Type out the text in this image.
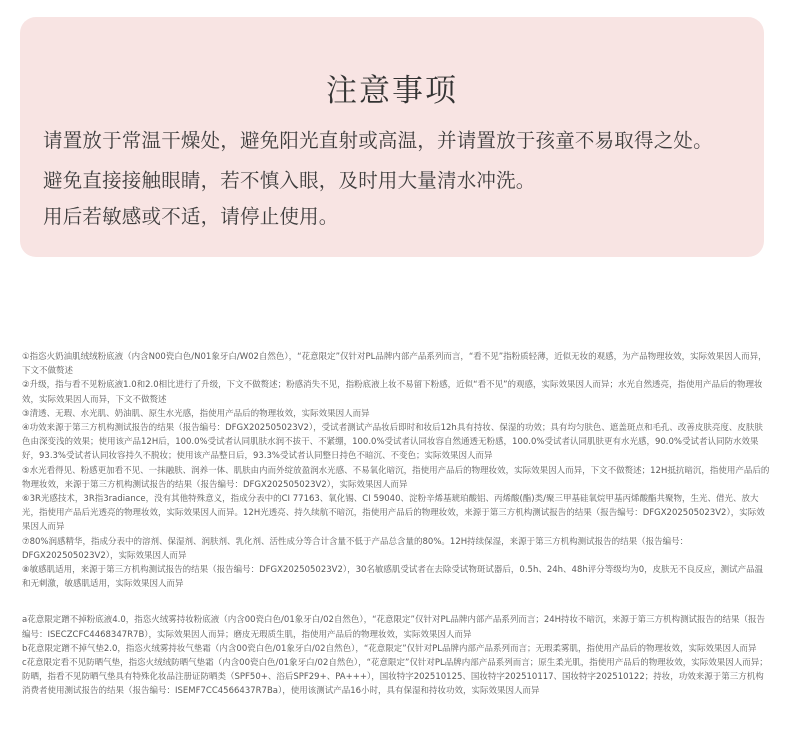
注意事项
请置放于常温干燥处，避免阳光直射或高温，并请置放于孩童不易取得之处。
避免直接接触眼睛，若不慎入眼，及时用大量清水冲洗。
用后若敏感或不适，请停止使用。

①指恣火奶油肌绒绒粉底液（内含N00瓷白色/N01象牙白/W02自然色），“花意限定”仅针对PL品牌内部产品系列而言，“看不见”指粉质轻薄，近似无妆的观感，为产品物理妆效，实际效果因人而异，下文不做赘述

②升级，指与看不见粉底液1.0和2.0相比进行了升级，下文不做赘述；粉感消失不见，指粉底液上妆不易留下粉感，近似“看不见”的观感，实际效果因人而异；水光自然透亮，指使用产品后的物理妆效，实际效果因人而异，下文不做赘述

③清透、无瑕、水光肌、奶油肌、原生水光感，指使用产品后的物理妆效，实际效果因人而异

④功效来源于第三方机构测试报告的结果（报告编号：DFGX202505023V2），受试者测试产品妆后即时和妆后12h具有持妆、保湿的功效；具有均匀肤色、遮盖斑点和毛孔、改善皮肤亮度、皮肤肤色由深变浅的效果；使用该产品12H后，100.0%受试者认同肌肤水润不拔干、不紧绷，100.0%受试者认同妆容自然通透无粉感，100.0%受试者认同肌肤更有水光感，90.0%受试者认同防水效果好，93.3%受试者认同妆容持久不脱妆；使用该产品整日后，93.3%受试者认同整日持色不暗沉、不变色；实际效果因人而异

⑤水光看得见、粉感更加看不见、一抹融肤、润养一体、肌肤由内而外绽放盈润水光感、不易氧化暗沉，指使用产品后的物理妆效，实际效果因人而异，下文不做赘述；12H抵抗暗沉，指使用产品后的物理妆效，来源于第三方机构测试报告的结果（报告编号：DFGX202505023V2），实际效果因人而异

⑥3R光感技术，3R指3radiance，没有其他特殊意义，指成分表中的CI 77163、氧化锡、CI 59040、淀粉辛烯基琥珀酸铝、丙烯酸(酯)类/聚三甲基硅氧烷甲基丙烯酸酯共聚物，生光、借光、放大光，指使用产品后光透亮的物理妆效，实际效果因人而异。12H光透亮、持久续航不暗沉，指使用产品后的物理妆效，来源于第三方机构测试报告的结果（报告编号：DFGX202505023V2），实际效果因人而异

⑦80%润感精华，指成分表中的溶剂、保湿剂、润肤剂、乳化剂、活性成分等合计含量不低于产品总含量的80%。12H持续保湿，来源于第三方机构测试报告的结果（报告编号：DFGX202505023V2），实际效果因人而异

⑧敏感肌适用，来源于第三方机构测试报告的结果（报告编号：DFGX202505023V2），30名敏感肌受试者在去除受试物斑试器后，0.5h、24h、48h评分等级均为0，皮肤无不良反应，测试产品温和无刺激，敏感肌适用，实际效果因人而异

a花意限定蹭不掉粉底液4.0，指恣火绒雾持妆粉底液（内含00瓷白色/01象牙白/02自然色），“花意限定”仅针对PL品牌内部产品系列而言；24H持妆不暗沉，来源于第三方机构测试报告的结果（报告编号：ISECZCFC4468347R7B），实际效果因人而异；磨皮无瑕质生肌，指使用产品后的物理妆效，实际效果因人而异

b花意限定蹭不掉气垫2.0，指恣火绒雾持妆气垫霜（内含00瓷白色/01象牙白/02自然色），“花意限定”仅针对PL品牌内部产品系列而言；无瑕柔雾肌，指使用产品后的物理妆效，实际效果因人而异

c花意限定看不见防晒气垫，指恣火绒绒防晒气垫霜（内含00瓷白色/01象牙白/02自然色），“花意限定”仅针对PL品牌内部产品系列而言；原生柔光肌，指使用产品后的物理妆效，实际效果因人而异；防晒，指看不见防晒气垫具有特殊化妆品注册证防晒类（SPF50+、浴后SPF29+、PA+++），国妆特字202510125、国妆特字202510117、国妆特字202510122；持妆，功效来源于第三方机构消费者使用测试报告的结果（报告编号：ISEMF7CC4566437R7Ba），使用该测试产品16小时，具有保湿和持妆功效，实际效果因人而异
